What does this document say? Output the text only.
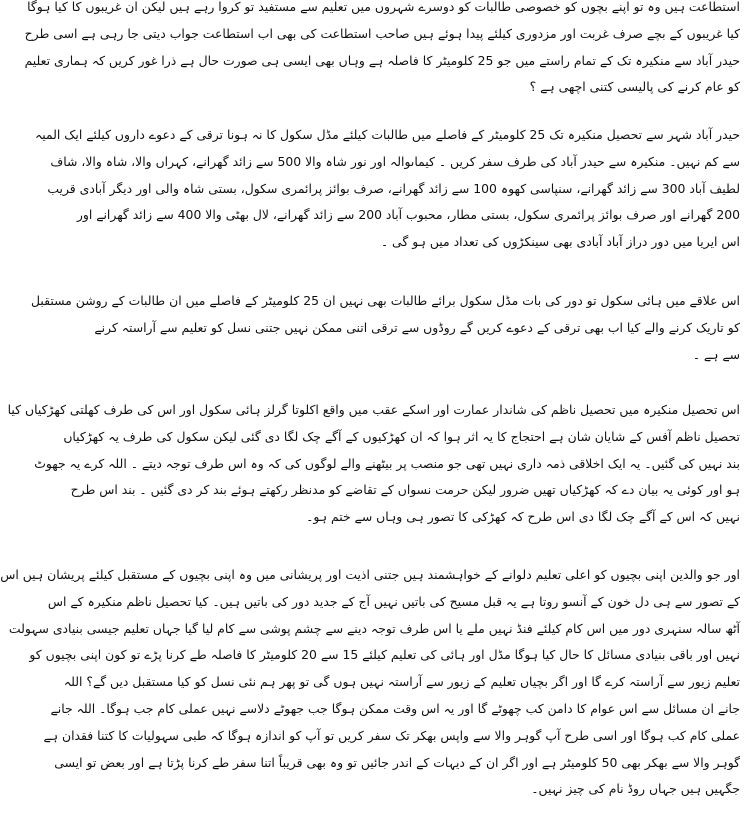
استطاعت ہیں وہ تو اپنے بچوں کو خصوصی طالبات کو دوسرے شہروں میں تعلیم سے مستفید تو کروا رہے ہیں لیکن ان غریبوں کا کیا ہوگا
کیا غریبوں کے بچے صرف غربت اور مزدوری کیلئے پیدا ہوئے ہیں صاحب استطاعت کی بھی اب استطاعت جواب دیتی جا رہی ہے اسی طرح
حیدر آباد سے منکیرہ تک کے تمام راستے میں جو 25 کلومیٹر کا فاصلہ ہے وہاں بھی ایسی ہی صورت حال ہے ذرا غور کریں کہ ہماری تعلیم
کو عام کرنے کی پالیسی کتنی اچھی ہے ؟
حیدر آباد شہر سے تحصیل منکیرہ تک 25 کلومیٹر کے فاصلے میں طالبات کیلئے مڈل سکول کا نہ ہونا ترقی کے دعوے داروں کیلئے ایک المیہ
سے کم نہیں۔ منکیرہ سے حیدر آباد کی طرف سفر کریں ۔ کیماںوالہ اور نور شاہ والا 500 سے زائد گھرانے، کہراں والا، شاہ والا، شاف
لطیف آباد 300 سے زائد گھرانے، سنپاسی کھوہ 100 سے زائد گھرانے، صرف بوائز پرائمری سکول، بستی شاہ والی اور دیگر آبادی قریب
200 گھرانے اور صرف بوائز پرائمری سکول، بستی مطار، محبوب آباد 200 سے زائد گھرانے، لال بھٹی والا 400 سے زائد گھرانے اور
اس ایریا میں دور دراز آباد آبادی بھی سینکڑوں کی تعداد میں ہو گی ۔
اس علاقے میں ہائی سکول تو دور کی بات مڈل سکول برائے طالبات بھی نہیں ان 25 کلومیٹر کے فاصلے میں ان طالبات کے روشن مستقبل
کو تاریک کرنے والے کیا اب بھی ترقی کے دعوے کریں گے روڈوں سے ترقی اتنی ممکن نہیں جتنی نسل کو تعلیم سے آراستہ کرنے
سے ہے ۔
اس تحصیل منکیرہ میں تحصیل ناظم کی شاندار عمارت اور اسکے عقب میں واقع اکلوتا گرلز ہائی سکول اور اس کی طرف کھلتی کھڑکیاں کیا
تحصیل ناظم آفس کے شایان شان ہے احتجاج کا یہ اثر ہوا کہ ان کھڑکیوں کے آگے چک لگا دی گئی لیکن سکول کی طرف یہ کھڑکیاں
بند نہیں کی گئیں۔ یہ ایک اخلاقی ذمہ داری نہیں تھی جو منصب پر بیٹھنے والے لوگوں کی کہ وہ اس طرف توجہ دیتے ۔ اللہ کرے یہ جھوٹ
ہو اور کوئی یہ بیان دے کہ کھڑکیاں تھیں ضرور لیکن حرمت نسواں کے تقاضے کو مدنظر رکھتے ہوئے بند کر دی گئیں ۔ بند اس طرح
نہیں کہ اس کے آگے چک لگا دی اس طرح کہ کھڑکی کا تصور ہی وہاں سے ختم ہو۔
اور جو والدین اپنی بچیوں کو اعلی تعلیم دلوانے کے خواہشمند ہیں جتنی اذیت اور پریشانی میں وہ اپنی بچیوں کے مستقبل کیلئے پریشان ہیں اس
کے تصور سے ہی دل خون کے آنسو روتا ہے یہ قبل مسیح کی باتیں نہیں آج کے جدید دور کی باتیں ہیں۔ کیا تحصیل ناظم منکیرہ کے اس
آٹھ سالہ سنہری دور میں اس کام کیلئے فنڈ نہیں ملے یا اس طرف توجہ دینے سے چشم پوشی سے کام لیا گیا جہاں تعلیم جیسی بنیادی سہولت
نہیں اور باقی بنیادی مسائل کا حال کیا ہوگا مڈل اور ہائی کی تعلیم کیلئے 15 سے 20 کلومیٹر کا فاصلہ طے کرنا پڑے تو کون اپنی بچیوں کو
تعلیم زیور سے آراستہ کرے گا اور اگر بچیاں تعلیم کے زیور سے آراستہ نہیں ہوں گی تو پھر ہم نئی نسل کو کیا مستقبل دیں گے؟ اللہ
جانے ان مسائل سے اس عوام کا دامن کب چھوٹے گا اور یہ اس وقت ممکن ہوگا جب جھوٹے دلاسے نہیں عملی کام جب ہوگا۔ اللہ جانے
عملی کام کب ہوگا اور اسی طرح آپ گوہر والا سے واپس بھکر تک سفر کریں تو آپ کو اندازہ ہوگا کہ طبی سہولیات کا کتنا فقدان ہے
گوہر والا سے بھکر بھی 50 کلومیٹر ہے اور اگر ان کے دیہات کے اندر جائیں تو وہ بھی قریباً اتنا سفر طے کرنا پڑتا ہے اور بعض تو ایسی
جگہیں ہیں جہاں روڈ نام کی چیز نہیں۔
